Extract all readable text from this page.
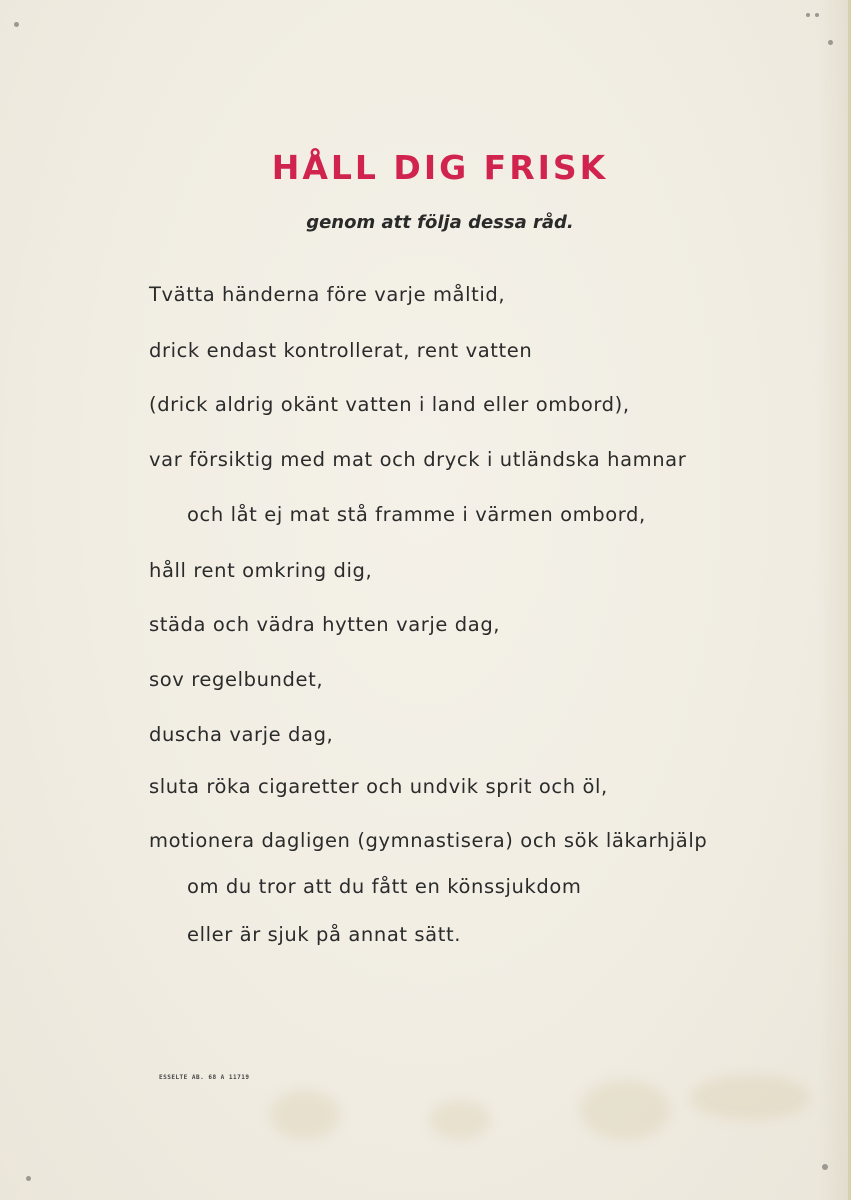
HÅLL DIG FRISK
genom att följa dessa råd.
Tvätta händerna före varje måltid,
drick endast kontrollerat, rent vatten
(drick aldrig okänt vatten i land eller ombord),
var försiktig med mat och dryck i utländska hamnar
och låt ej mat stå framme i värmen ombord,
håll rent omkring dig,
städa och vädra hytten varje dag,
sov regelbundet,
duscha varje dag,
sluta röka cigaretter och undvik sprit och öl,
motionera dagligen (gymnastisera) och sök läkarhjälp
om du tror att du fått en könssjukdom
eller är sjuk på annat sätt.
ESSELTE AB. 68 A 11719
